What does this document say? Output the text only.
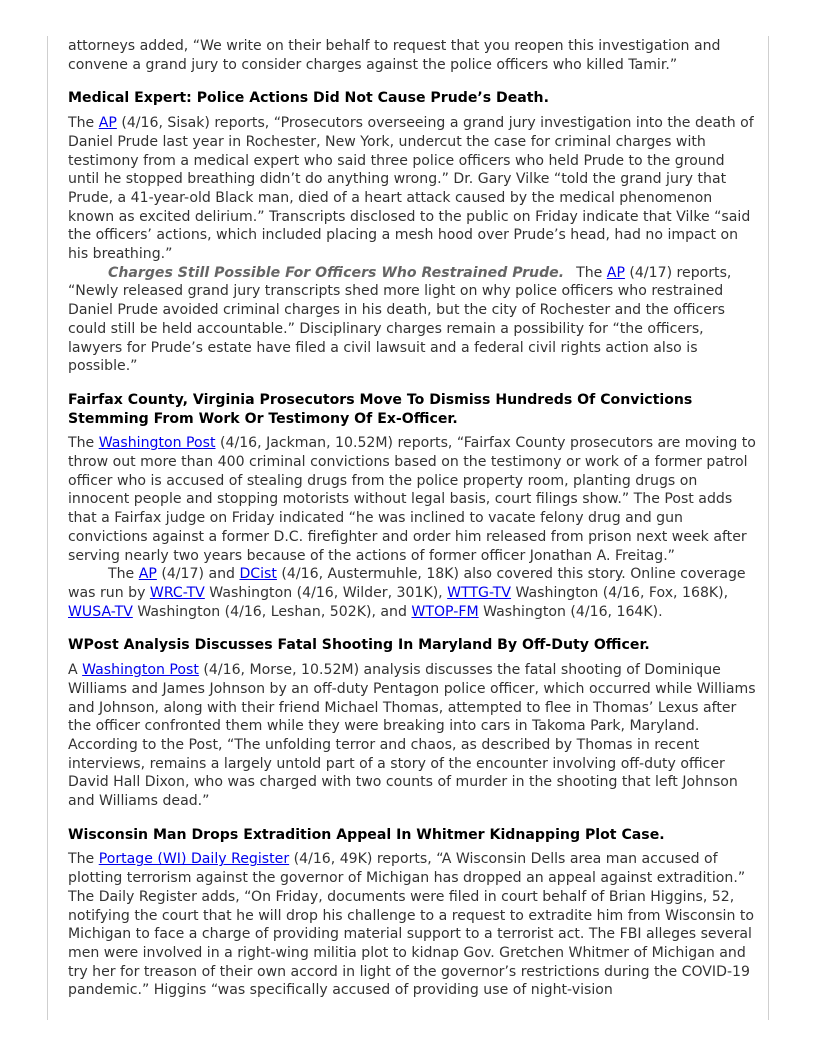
attorneys added, “We write on their behalf to request that you reopen this investigation and convene a grand jury to consider charges against the police officers who killed Tamir.”

Medical Expert: Police Actions Did Not Cause Prude’s Death.

The AP (4/16, Sisak) reports, “Prosecutors overseeing a grand jury investigation into the death of Daniel Prude last year in Rochester, New York, undercut the case for criminal charges with testimony from a medical expert who said three police officers who held Prude to the ground until he stopped breathing didn’t do anything wrong.” Dr. Gary Vilke “told the grand jury that Prude, a 41-year-old Black man, died of a heart attack caused by the medical phenomenon known as excited delirium.” Transcripts disclosed to the public on Friday indicate that Vilke “said the officers’ actions, which included placing a mesh hood over Prude’s head, had no impact on his breathing.”

Charges Still Possible For Officers Who Restrained Prude. The AP (4/17) reports, “Newly released grand jury transcripts shed more light on why police officers who restrained Daniel Prude avoided criminal charges in his death, but the city of Rochester and the officers could still be held accountable.” Disciplinary charges remain a possibility for “the officers, lawyers for Prude’s estate have filed a civil lawsuit and a federal civil rights action also is possible.”

Fairfax County, Virginia Prosecutors Move To Dismiss Hundreds Of Convictions Stemming From Work Or Testimony Of Ex-Officer.

The Washington Post (4/16, Jackman, 10.52M) reports, “Fairfax County prosecutors are moving to throw out more than 400 criminal convictions based on the testimony or work of a former patrol officer who is accused of stealing drugs from the police property room, planting drugs on innocent people and stopping motorists without legal basis, court filings show.” The Post adds that a Fairfax judge on Friday indicated “he was inclined to vacate felony drug and gun convictions against a former D.C. firefighter and order him released from prison next week after serving nearly two years because of the actions of former officer Jonathan A. Freitag.”

The AP (4/17) and DCist (4/16, Austermuhle, 18K) also covered this story. Online coverage was run by WRC-TV Washington (4/16, Wilder, 301K), WTTG-TV Washington (4/16, Fox, 168K), WUSA-TV Washington (4/16, Leshan, 502K), and WTOP-FM Washington (4/16, 164K).

WPost Analysis Discusses Fatal Shooting In Maryland By Off-Duty Officer.

A Washington Post (4/16, Morse, 10.52M) analysis discusses the fatal shooting of Dominique Williams and James Johnson by an off-duty Pentagon police officer, which occurred while Williams and Johnson, along with their friend Michael Thomas, attempted to flee in Thomas’ Lexus after the officer confronted them while they were breaking into cars in Takoma Park, Maryland. According to the Post, “The unfolding terror and chaos, as described by Thomas in recent interviews, remains a largely untold part of a story of the encounter involving off-duty officer David Hall Dixon, who was charged with two counts of murder in the shooting that left Johnson and Williams dead.”

Wisconsin Man Drops Extradition Appeal In Whitmer Kidnapping Plot Case.

The Portage (WI) Daily Register (4/16, 49K) reports, “A Wisconsin Dells area man accused of plotting terrorism against the governor of Michigan has dropped an appeal against extradition.” The Daily Register adds, “On Friday, documents were filed in court behalf of Brian Higgins, 52, notifying the court that he will drop his challenge to a request to extradite him from Wisconsin to Michigan to face a charge of providing material support to a terrorist act. The FBI alleges several men were involved in a right-wing militia plot to kidnap Gov. Gretchen Whitmer of Michigan and try her for treason of their own accord in light of the governor’s restrictions during the COVID-19 pandemic.” Higgins “was specifically accused of providing use of night-vision
